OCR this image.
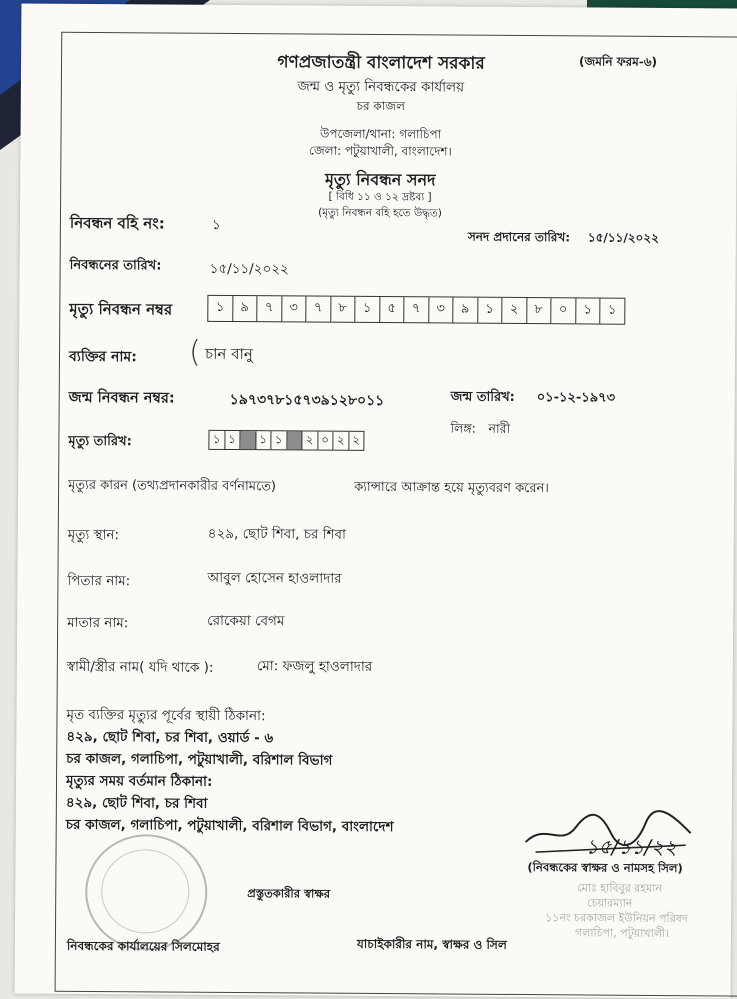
গণপ্রজাতন্ত্রী বাংলাদেশ সরকার	(জমনি ফরম-৬)
জন্ম ও মৃত্যু নিবন্ধকের কার্যালয়
চর কাজল
উপজেলা/থানা: গলাচিপা
জেলা: পটুয়াখালী, বাংলাদেশ।
মৃত্যু নিবন্ধন সনদ
[ বিধি ১১ ও ১২ দ্রষ্টব্য ]
(মৃত্যু নিবন্ধন বহি হতে উদ্ধৃত)
নিবন্ধন বহি নং:	১
সনদ প্রদানের তারিখ: ১৫/১১/২০২২
নিবন্ধনের তারিখ:	১৫/১১/২০২২
মৃত্যু নিবন্ধন নম্বর	১	৯	৭	৩	৭	৮	১	৫	৭	৩	৯	১	২	৮	০	১	১
ব্যক্তির নাম: ( চান বানু
জন্ম নিবন্ধন নম্বর:	১৯৭৩৭৮১৫৭৩৯১২৮০১১	জন্ম তারিখ: ০১-১২-১৯৭৩
লিঙ্গ: নারী
মৃত্যু তারিখ:	১ ১	১ ১	২ ০ ২ ২
মৃত্যুর কারন (তথ্যপ্রদানকারীর বর্ণনামতে)	ক্যান্সারে আক্রান্ত হয়ে মৃত্যুবরণ করেন।
মৃত্যু স্থান:	৪২৯, ছোট শিবা, চর শিবা
পিতার নাম:	আবুল হোসেন হাওলাদার
মাতার নাম:	রোকেয়া বেগম
স্বামী/স্ত্রীর নাম( যদি থাকে ):	মো: ফজলু হাওলাদার
মৃত ব্যক্তির মৃত্যুর পূর্বের স্থায়ী ঠিকানা:
৪২৯, ছোট শিবা, চর শিবা, ওয়ার্ড - ৬
চর কাজল, গলাচিপা, পটুয়াখালী, বরিশাল বিভাগ
মৃত্যুর সময় বর্তমান ঠিকানা:
৪২৯, ছোট শিবা, চর শিবা
চর কাজল, গলাচিপা, পটুয়াখালী, বরিশাল বিভাগ, বাংলাদেশ
১৫/১১/২২
(নিবন্ধকের স্বাক্ষর ও নামসহ সিল)
মোঃ হাবিবুর রহমান
চেয়ারম্যান
১১নং চরকাজল ইউনিয়ন পরিষদ
গলাচিপা, পটুয়াখালী।
প্রস্তুতকারীর স্বাক্ষর
নিবন্ধকের কার্যালয়ের সিলমোহর	যাচাইকারীর নাম, স্বাক্ষর ও সিল
